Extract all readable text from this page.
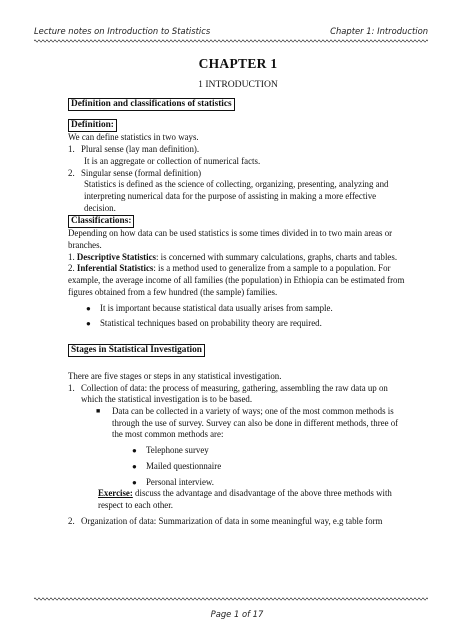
Lecture notes on Introduction to Statistics	Chapter 1: Introduction
CHAPTER 1
1 INTRODUCTION
Definition and classifications of statistics
Definition:

We can define statistics in two ways.

1. Plural sense (lay man definition).

It is an aggregate or collection of numerical facts.

2. Singular sense (formal definition)

Statistics is defined as the science of collecting, organizing, presenting, analyzing and interpreting numerical data for the purpose of assisting in making a more effective decision.

Classifications:

Depending on how data can be used statistics is some times divided in to two main areas or branches.

1. Descriptive Statistics: is concerned with summary calculations, graphs, charts and tables.

2. Inferential Statistics: is a method used to generalize from a sample to a population. For example, the average income of all families (the population) in Ethiopia can be estimated from figures obtained from a few hundred (the sample) families.

●	It is important because statistical data usually arises from sample.
●	Statistical techniques based on probability theory are required.
Stages in Statistical Investigation

There are five stages or steps in any statistical investigation.

1. Collection of data: the process of measuring, gathering, assembling the raw data up on which the statistical investigation is to be based.
■	Data can be collected in a variety of ways; one of the most common methods is through the use of survey. Survey can also be done in different methods, three of the most common methods are:
●	Telephone survey
●	Mailed questionnaire
●	Personal interview.

Exercise: discuss the advantage and disadvantage of the above three methods with respect to each other.

2. Organization of data: Summarization of data in some meaningful way, e.g table form
Page 1 of 17
